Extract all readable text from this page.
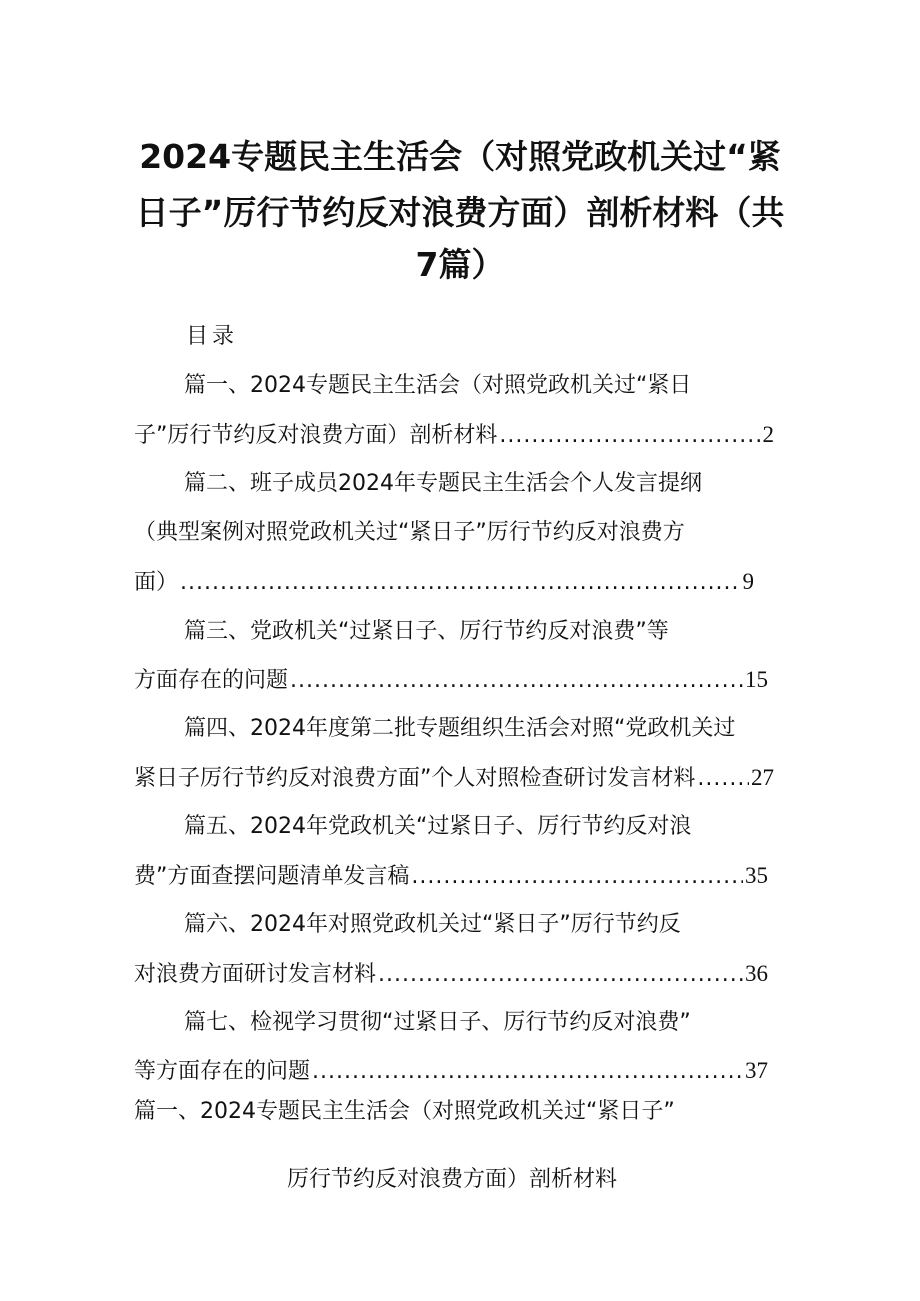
2024专题民主生活会（对照党政机关过“紧
日子”厉行节约反对浪费方面）剖析材料（共
7篇）
目录
篇一、2024专题民主生活会（对照党政机关过“紧日
子”厉行节约反对浪费方面）剖析材料 .....	2
篇二、班子成员2024年专题民主生活会个人发言提纲
（典型案例对照党政机关过“紧日子”厉行节约反对浪费方
面） .....	9
篇三、党政机关“过紧日子、厉行节约反对浪费”等
方面存在的问题 .....	15
篇四、2024年度第二批专题组织生活会对照“党政机关过
紧日子厉行节约反对浪费方面”个人对照检查研讨发言材料 ..... 27
篇五、2024年党政机关“过紧日子、厉行节约反对浪
费”方面查摆问题清单发言稿 .....	35
篇六、2024年对照党政机关过“紧日子”厉行节约反
对浪费方面研讨发言材料 .....	36
篇七、检视学习贯彻“过紧日子、厉行节约反对浪费”
等方面存在的问题 .....	37
篇一、2024专题民主生活会（对照党政机关过“紧日子”
厉行节约反对浪费方面）剖析材料
